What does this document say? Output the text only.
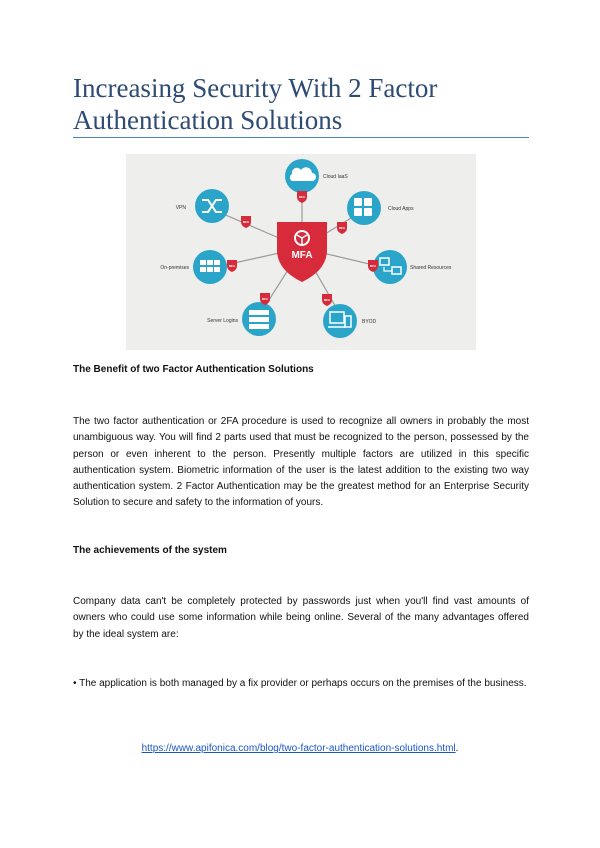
Increasing Security With 2 Factor Authentication Solutions
Cloud IaaS
Cloud Apps
VPN
On-premises	Shared Resources
Server Logins	BYOD
MFA
MFA
MFA
MFA	MFA
MFA	MFA
MFA

The Benefit of two Factor Authentication Solutions

The two factor authentication or 2FA procedure is used to recognize all owners in probably the most unambiguous way. You will find 2 parts used that must be recognized to the person, possessed by the person or even inherent to the person. Presently multiple factors are utilized in this specific authentication system. Biometric information of the user is the latest addition to the existing two way authentication system. 2 Factor Authentication may be the greatest method for an Enterprise Security Solution to secure and safety to the information of yours.

The achievements of the system

Company data can't be completely protected by passwords just when you'll find vast amounts of owners who could use some information while being online. Several of the many advantages offered by the ideal system are:

• The application is both managed by a fix provider or perhaps occurs on the premises of the business.

https://www.apifonica.com/blog/two-factor-authentication-solutions.html.
